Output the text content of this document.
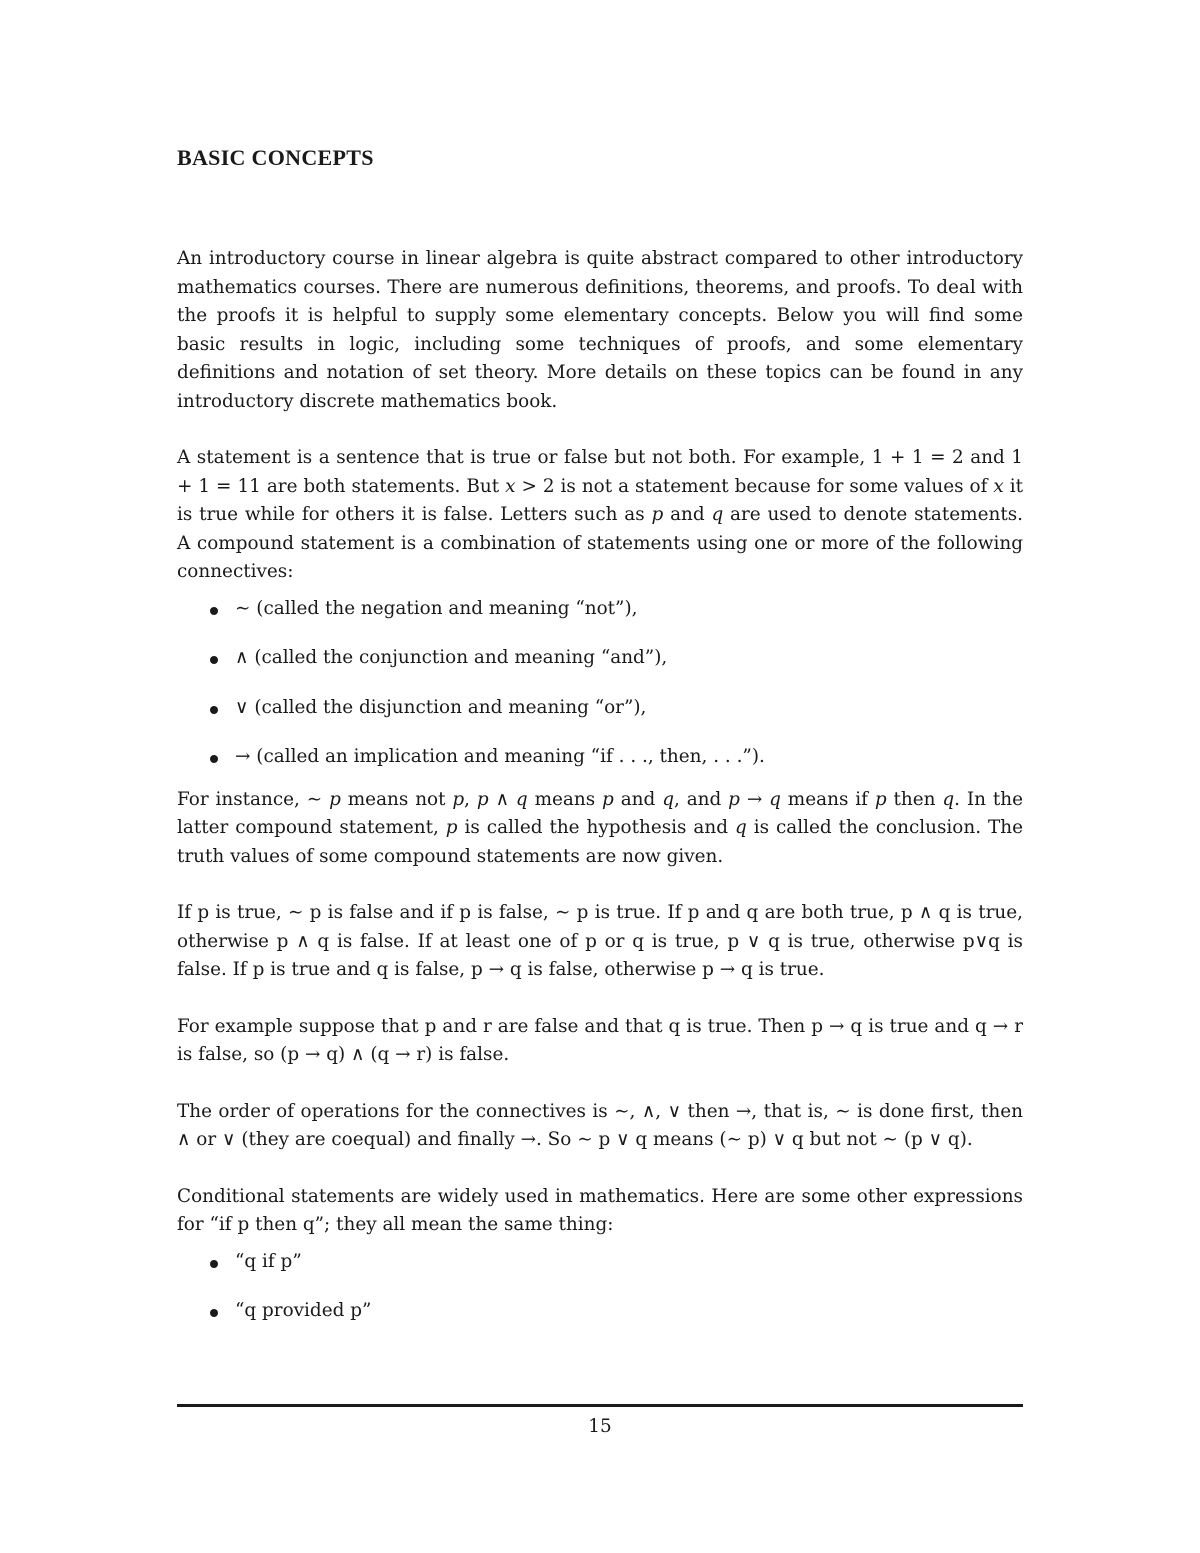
BASIC CONCEPTS

An introductory course in linear algebra is quite abstract compared to other introductory mathematics courses. There are numerous definitions, theorems, and proofs. To deal with the proofs it is helpful to supply some elementary concepts. Below you will find some basic results in logic, including some techniques of proofs, and some elementary definitions and notation of set theory. More details on these topics can be found in any introductory discrete mathematics book.

A statement is a sentence that is true or false but not both. For example, 1 + 1 = 2 and 1 + 1 = 11 are both statements. But x > 2 is not a statement because for some values of x it is true while for others it is false. Letters such as p and q are used to denote statements. A compound statement is a combination of statements using one or more of the following connectives:

∼ (called the negation and meaning “not”),
∧ (called the conjunction and meaning “and”),
∨ (called the disjunction and meaning “or”),
→ (called an implication and meaning “if . . ., then, . . .”).

For instance, ∼ p means not p, p ∧ q means p and q, and p → q means if p then q. In the latter compound statement, p is called the hypothesis and q is called the conclusion. The truth values of some compound statements are now given.

If p is true, ∼ p is false and if p is false, ∼ p is true. If p and q are both true, p ∧ q is true, otherwise p ∧ q is false. If at least one of p or q is true, p ∨ q is true, otherwise p∨q is false. If p is true and q is false, p → q is false, otherwise p → q is true.

For example suppose that p and r are false and that q is true. Then p → q is true and q → r is false, so (p → q) ∧ (q → r) is false.

The order of operations for the connectives is ∼, ∧, ∨ then →, that is, ∼ is done first, then ∧ or ∨ (they are coequal) and finally →. So ∼ p ∨ q means (∼ p) ∨ q but not ∼ (p ∨ q).

Conditional statements are widely used in mathematics. Here are some other expressions for “if p then q”; they all mean the same thing:

“q if p”
“q provided p”
15
